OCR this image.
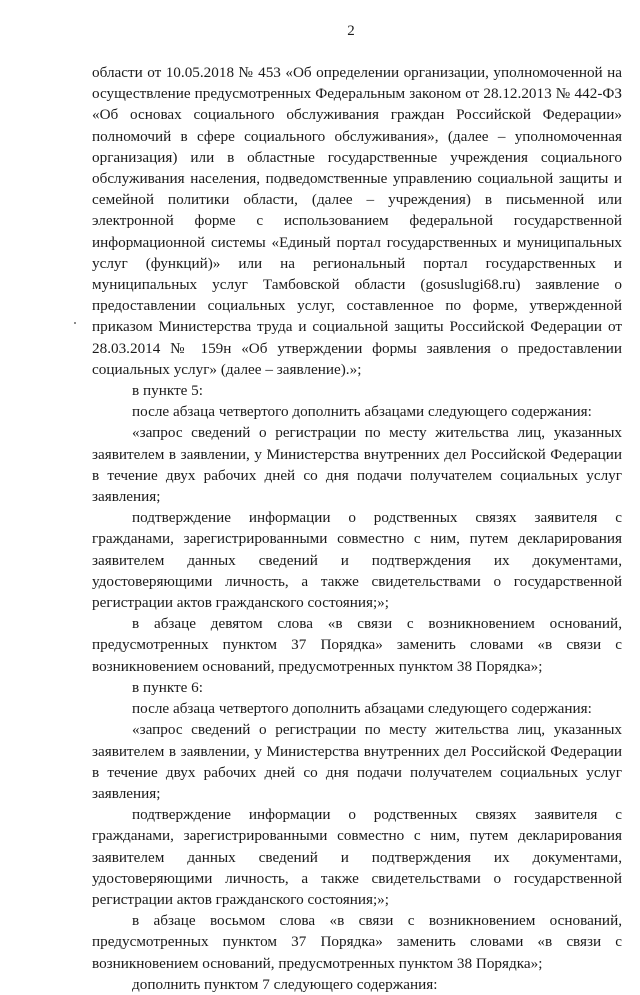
2

области от 10.05.2018 № 453 «Об определении организации, уполномоченной на осуществление предусмотренных Федеральным законом от 28.12.2013 № 442-ФЗ «Об основах социального обслуживания граждан Российской Федерации» полномочий в сфере социального обслуживания», (далее – уполномоченная организация) или в областные государственные учреждения социального обслуживания населения, подведомственные управлению социальной защиты и семейной политики области, (далее – учреждения) в письменной или электронной форме с использованием федеральной государственной информационной системы «Единый портал государственных и муниципальных услуг (функций)» или на региональный портал государственных и муниципальных услуг Тамбовской области (gosuslugi68.ru) заявление о предоставлении социальных услуг, составленное по форме, утвержденной приказом Министерства труда и социальной защиты Российской Федерации от 28.03.2014 № 159н «Об утверждении формы заявления о предоставлении социальных услуг» (далее – заявление).»;

в пункте 5:

после абзаца четвертого дополнить абзацами следующего содержания:

«запрос сведений о регистрации по месту жительства лиц, указанных заявителем в заявлении, у Министерства внутренних дел Российской Федерации в течение двух рабочих дней со дня подачи получателем социальных услуг заявления;

подтверждение информации о родственных связях заявителя с гражданами, зарегистрированными совместно с ним, путем декларирования заявителем данных сведений и подтверждения их документами, удостоверяющими личность, а также свидетельствами о государственной регистрации актов гражданского состояния;»;

в абзаце девятом слова «в связи с возникновением оснований, предусмотренных пунктом 37 Порядка» заменить словами «в связи с возникновением оснований, предусмотренных пунктом 38 Порядка»;

в пункте 6:

после абзаца четвертого дополнить абзацами следующего содержания:

«запрос сведений о регистрации по месту жительства лиц, указанных заявителем в заявлении, у Министерства внутренних дел Российской Федерации в течение двух рабочих дней со дня подачи получателем социальных услуг заявления;

подтверждение информации о родственных связях заявителя с гражданами, зарегистрированными совместно с ним, путем декларирования заявителем данных сведений и подтверждения их документами, удостоверяющими личность, а также свидетельствами о государственной регистрации актов гражданского состояния;»;

в абзаце восьмом слова «в связи с возникновением оснований, предусмотренных пунктом 37 Порядка» заменить словами «в связи с возникновением оснований, предусмотренных пунктом 38 Порядка»;

дополнить пунктом 7 следующего содержания:
